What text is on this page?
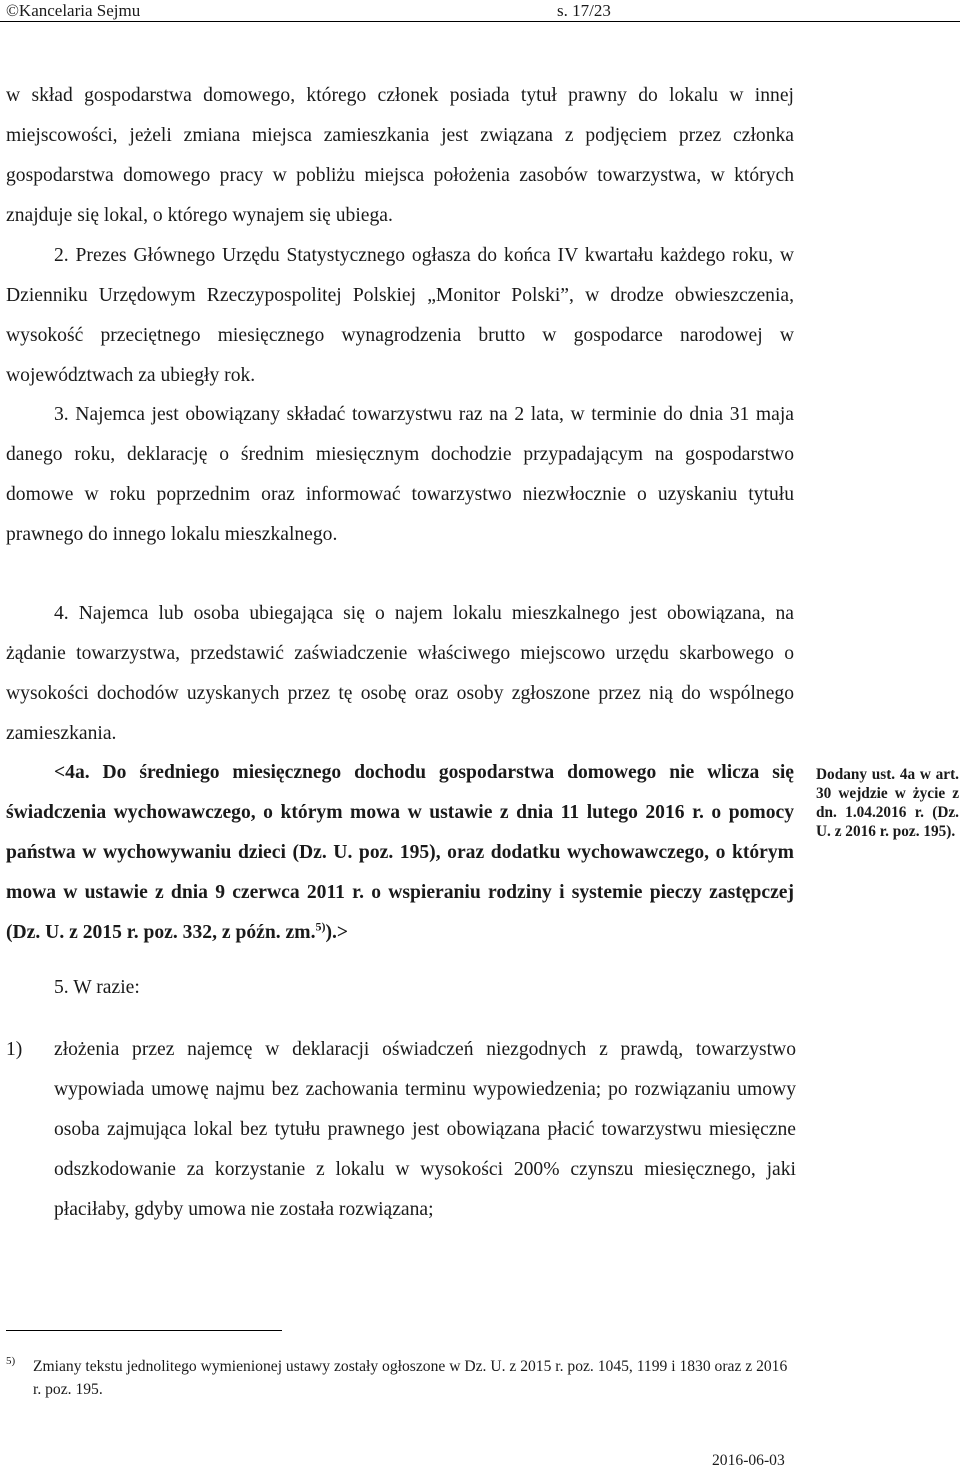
©Kancelaria Sejmu	s. 17/23
w skład gospodarstwa domowego, którego członek posiada tytuł prawny do lokalu w innej miejscowości, jeżeli zmiana miejsca zamieszkania jest związana z podjęciem przez członka gospodarstwa domowego pracy w pobliżu miejsca położenia zasobów towarzystwa, w których znajduje się lokal, o którego wynajem się ubiega.
2. Prezes Głównego Urzędu Statystycznego ogłasza do końca IV kwartału każdego roku, w Dzienniku Urzędowym Rzeczypospolitej Polskiej „Monitor Polski”, w drodze obwieszczenia, wysokość przeciętnego miesięcznego wynagrodzenia brutto w gospodarce narodowej w województwach za ubiegły rok.
3. Najemca jest obowiązany składać towarzystwu raz na 2 lata, w terminie do dnia 31 maja danego roku, deklarację o średnim miesięcznym dochodzie przypadającym na gospodarstwo domowe w roku poprzednim oraz informować towarzystwo niezwłocznie o uzyskaniu tytułu prawnego do innego lokalu mieszkalnego.
4. Najemca lub osoba ubiegająca się o najem lokalu mieszkalnego jest obowiązana, na żądanie towarzystwa, przedstawić zaświadczenie właściwego miejscowo urzędu skarbowego o wysokości dochodów uzyskanych przez tę osobę oraz osoby zgłoszone przez nią do wspólnego zamieszkania.
<4a. Do średniego miesięcznego dochodu gospodarstwa domowego nie wlicza się świadczenia wychowawczego, o którym mowa w ustawie z dnia 11 lutego 2016 r. o pomocy państwa w wychowywaniu dzieci (Dz. U. poz. 195), oraz dodatku wychowawczego, o którym mowa w ustawie z dnia 9 czerwca 2011 r. o wspieraniu rodziny i systemie pieczy zastępczej (Dz. U. z 2015 r. poz. 332, z późn. zm.$^{5)}$).>
5. W razie:
1) złożenia przez najemcę w deklaracji oświadczeń niezgodnych z prawdą, towarzystwo wypowiada umowę najmu bez zachowania terminu wypowiedzenia; po rozwiązaniu umowy osoba zajmująca lokal bez tytułu prawnego jest obowiązana płacić towarzystwu miesięczne odszkodowanie za korzystanie z lokalu w wysokości 200% czynszu miesięcznego, jaki płaciłaby, gdyby umowa nie została rozwiązana;
Dodany ust. 4a w art. 30 wejdzie w życie z dn. 1.04.2016 r. (Dz. U. z 2016 r. poz. 195).
5) Zmiany tekstu jednolitego wymienionej ustawy zostały ogłoszone w Dz. U. z 2015 r. poz. 1045, 1199 i 1830 oraz z 2016 r. poz. 195.
2016-06-03
